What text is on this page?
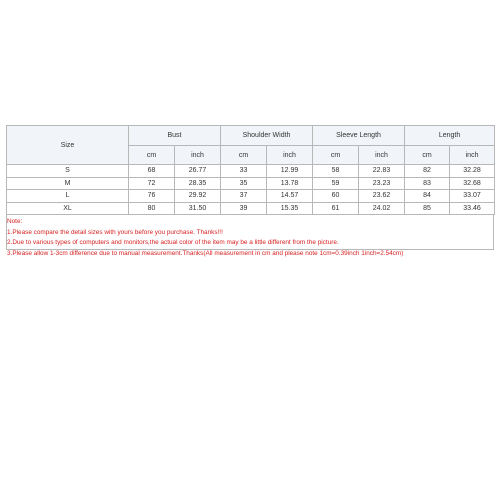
Size	Bust		Shoulder Width		Sleeve Length		Length	
	cm	inch	cm	inch	cm	inch	cm	inch
S	68	26.77	33	12.99	58	22.83	82	32.28
M	72	28.35	35	13.78	59	23.23	83	32.68
L	76	29.92	37	14.57	60	23.62	84	33.07
XL	80	31.50	39	15.35	61	24.02	85	33.46
Note:
1.Please compare the detail sizes with yours before you purchase. Thanks!!!
2.Due to various types of computers and monitors,the actual color of the item may be a little different from the picture.
3.Please allow 1-3cm difference due to manual measurement.Thanks(All measurement in cm and please note 1cm=0.39inch 1inch=2.54cm)
